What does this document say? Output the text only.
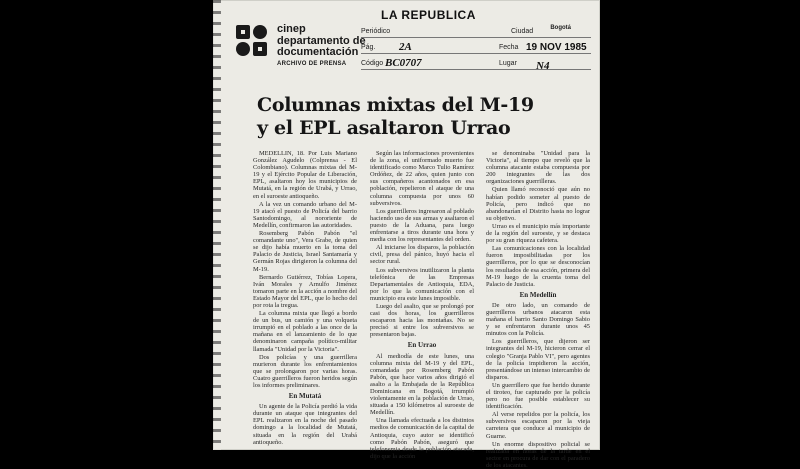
cinep
departamento de
documentación
ARCHIVO DE PRENSA
LA REPUBLICA
Periódico	Ciudad	Bogotá
Pág. 2A	Fecha 19 NOV 1985
Código BC0707	Lugar N4
Columnas mixtas del M-19
y el EPL asaltaron Urrao

MEDELLIN, 18. Por Luis Mariano González Agudelo (Colprensa - El Colombiano). Columnas mixtas del M-19 y el Ejército Popular de Liberación, EPL, asaltaron hoy los municipios de Mutatá, en la región de Urabá, y Urrao, en el suroeste antioqueño.

A la vez un comando urbano del M-19 atacó el puesto de Policía del barrio Santodomingo, al nororiente de Medellín, confirmaron las autoridades.

Rosemberg Pabón Pabón "el comandante uno", Vera Grabe, de quien se dijo había muerto en la toma del Palacio de Justicia, Israel Santamaría y Germán Rojas dirigieron la columna del M-19.

Bernardo Gutiérrez, Tobías Lopera, Iván Morales y Arnulfo Jiménez tomaron parte en la acción a nombre del Estado Mayor del EPL, que lo hecho del por rota la tregua.

La columna mixta que llegó a bordo de un bus, un camión y una volqueta irrumpió en el poblado a las once de la mañana en el lanzamiento de lo que denominaron campaña político-militar llamada "Unidad por la Victoria".

Dos policías y una guerrillera murieron durante los enfrentamientos que se prolongaron por varias horas. Cuatro guerrilleros fueron heridos según los informes preliminares.

En Mutatá

Un agente de la Policía perdió la vida durante un ataque que integrantes del EPL realizaron en la noche del pasado domingo a la localidad de Mutatá, situada en la región del Urabá antioqueño.

Según las informaciones provenientes de la zona, el uniformado muerto fue identificado como Marco Tulio Ramírez Ordóñez, de 22 años, quien junto con sus compañeros acantonados en esa población, repelieron el ataque de una columna compuesta por unos 60 subversivos.

Los guerrilleros ingresaron al poblado haciendo uso de sus armas y asaltaron el puesto de la Aduana, para luego enfrentarse a tiros durante una hora y media con los representantes del orden.

Al iniciarse los disparos, la población civil, presa del pánico, huyó hacia el sector rural.

Los subversivos inutilizaron la planta telefónica de las Empresas Departamentales de Antioquia, EDA, por lo que la comunicación con el municipio era este lunes imposible.

Luego del asalto, que se prolongó por casi dos horas, los guerrilleros escaparon hacia las montañas. No se precisó si entre los subversivos se presentaron bajas.

En Urrao

Al mediodía de este lunes, una columna mixta del M-19 y del EPL, comandada por Rosemberg Pabón Pabón, que hace varios años dirigió el asalto a la Embajada de la República Dominicana en Bogotá, irrumpió violentamente en la población de Urrao, situada a 150 kilómetros al suroeste de Medellín.

Una llamada efectuada a los distintos medios de comunicación de la capital de Antioquia, cuyo autor se identificó como Pabón Pabón, aseguró que telefonemia desde la población atacada, dijo que la acción

se denominaba "Unidad para la Victoria", al tiempo que reveló que la columna atacante estaba compuesta por 200 integrantes de las dos organizaciones guerrilleras.

Quien llamó reconoció que aún no habían podido someter al puesto de Policía, pero indicó que no abandonarían el Distrito hasta no lograr su objetivo.

Urrao es el municipio más importante de la región del suroeste, y se destaca por su gran riqueza cafetera.

Las comunicaciones con la localidad fueron imposibilitadas por los guerrilleros, por lo que se desconocían los resultados de esa acción, primera del M-19 luego de la cruenta toma del Palacio de Justicia.

En Medellín

De otro lado, un comando de guerrilleros urbanos atacaron esta mañana el barrio Santo Domingo Sabio y se enfrentaron durante unos 45 minutos con la Policía.

Los guerrilleros, que dijeron ser integrantes del M-19, hicieron cerrar el colegio "Granja Pablo VI", pero agentes de la policía impidieron la acción, presentándose un intenso intercambio de disparos.

Un guerrillero que fue herido durante el tiroteo, fue capturado por la policía pero no fue posible establecer su identificación.

Al verse repelidos por la policía, los subversivos escaparon por la vieja carretera que conduce al municipio de Guarne.

Un enorme dispositivo policial se realizaba en horas de la tarde en el sector en procura de dar con el paradero de los atacantes.
